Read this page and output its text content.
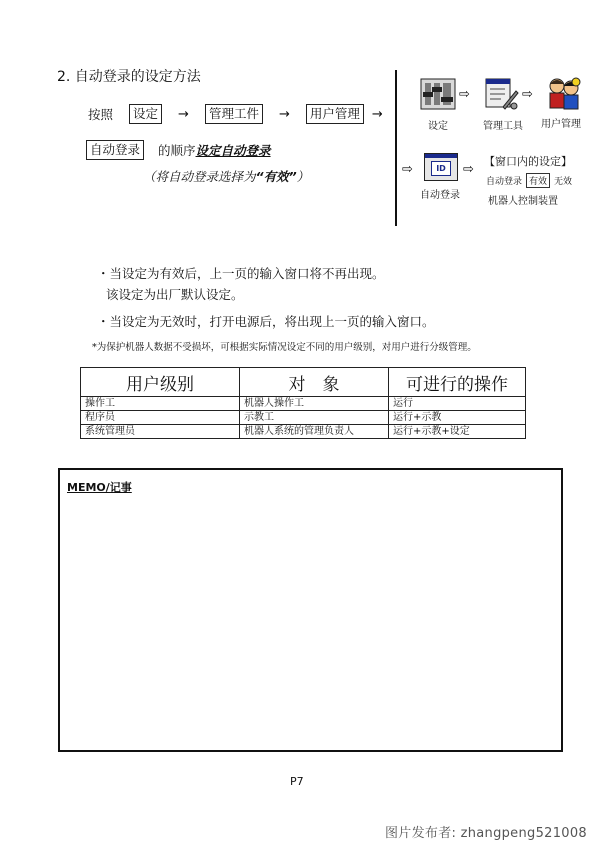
2. 自动登录的设定方法
按照	设定	→	管理工件	→	用户管理 →
自动登录	的顺序 设定自动登录
（将自动登录选择为“有效”）
设定
⇨
管理工具
⇨
用户管理
⇨	ID
自动登录
⇨
【窗口内的设定】
自动登录 有效 无效
机器人控制装置
・当设定为有效后，上一页的输入窗口将不再出现。
该设定为出厂默认设定。
・当设定为无效时，打开电源后，将出现上一页的输入窗口。
*为保护机器人数据不受损坏，可根据实际情况设定不同的用户级别，对用户进行分级管理。
用户级别	对　象	可进行的操作
操作工	机器人操作工	运行
程序员	示教工	运行+示教
系统管理员	机器人系统的管理负责人	运行+示教+设定
MEMO/记事
P7
图片发布者: zhangpeng521008
